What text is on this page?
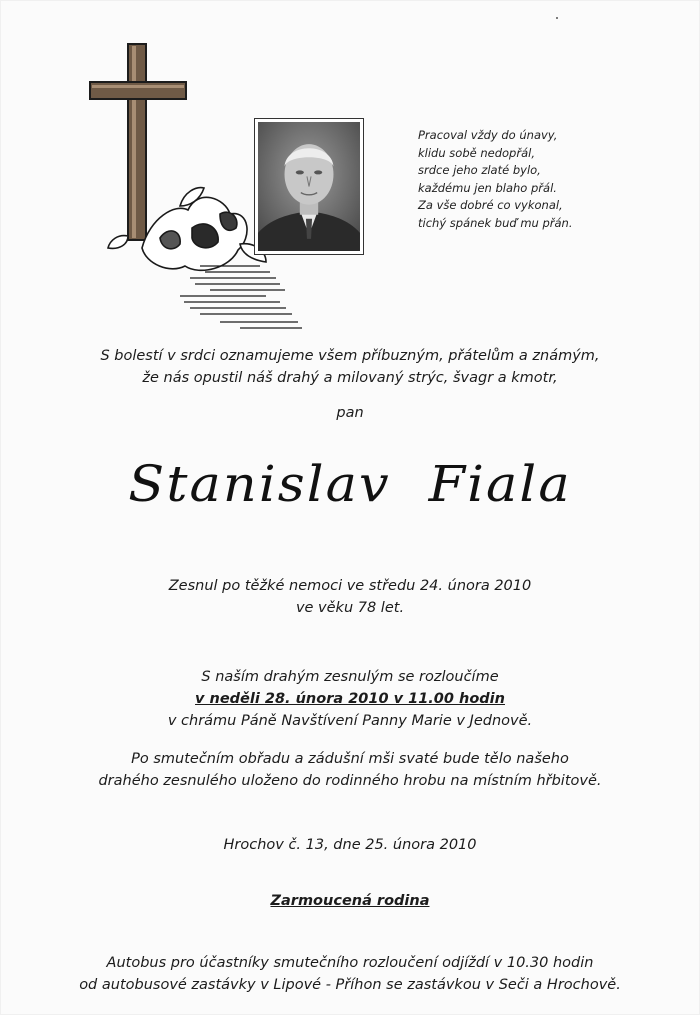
Pracoval vždy do únavy,
klidu sobě nedopřál,
srdce jeho zlaté bylo,
každému jen blaho přál.
Za vše dobré co vykonal,
tichý spánek buď mu přán.
S bolestí v srdci oznamujeme všem příbuzným, přátelům a známým,
že nás opustil náš drahý a milovaný strýc, švagr a kmotr,
pan
Stanislav Fiala
Zesnul po těžké nemoci ve středu 24. února 2010
ve věku 78 let.
S naším drahým zesnulým se rozloučíme
v neděli 28. února 2010 v 11.00 hodin
v chrámu Páně Navštívení Panny Marie v Jednově.
Po smutečním obřadu a zádušní mši svaté bude tělo našeho
drahého zesnulého uloženo do rodinného hrobu na místním hřbitově.
Hrochov č. 13, dne 25. února 2010
Zarmoucená rodina
Autobus pro účastníky smutečního rozloučení odjíždí v 10.30 hodin
od autobusové zastávky v Lipové - Příhon se zastávkou v Seči a Hrochově.
